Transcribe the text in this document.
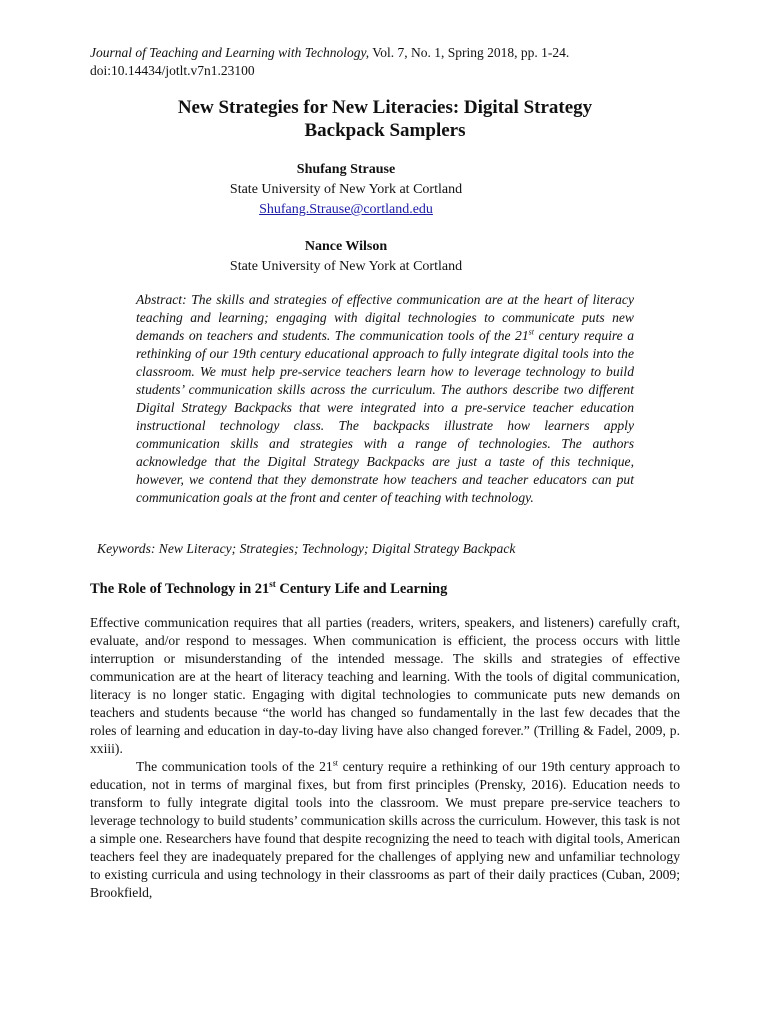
Journal of Teaching and Learning with Technology, Vol. 7, No. 1, Spring 2018, pp. 1-24.
doi:10.14434/jotlt.v7n1.23100
New Strategies for New Literacies: Digital Strategy
Backpack Samplers
Shufang Strause
State University of New York at Cortland
Shufang.Strause@cortland.edu
Nance Wilson
State University of New York at Cortland
Abstract: The skills and strategies of effective communication are at the heart of literacy teaching and learning; engaging with digital technologies to communicate puts new demands on teachers and students. The communication tools of the 21st century require a rethinking of our 19th century educational approach to fully integrate digital tools into the classroom. We must help pre-service teachers learn how to leverage technology to build students’ communication skills across the curriculum. The authors describe two different Digital Strategy Backpacks that were integrated into a pre-service teacher education instructional technology class. The backpacks illustrate how learners apply communication skills and strategies with a range of technologies. The authors acknowledge that the Digital Strategy Backpacks are just a taste of this technique, however, we contend that they demonstrate how teachers and teacher educators can put communication goals at the front and center of teaching with technology.
Keywords: New Literacy; Strategies; Technology; Digital Strategy Backpack
The Role of Technology in 21st Century Life and Learning

Effective communication requires that all parties (readers, writers, speakers, and listeners) carefully craft, evaluate, and/or respond to messages. When communication is efficient, the process occurs with little interruption or misunderstanding of the intended message. The skills and strategies of effective communication are at the heart of literacy teaching and learning. With the tools of digital communication, literacy is no longer static. Engaging with digital technologies to communicate puts new demands on teachers and students because “the world has changed so fundamentally in the last few decades that the roles of learning and education in day-to-day living have also changed forever.” (Trilling & Fadel, 2009, p. xxiii).

The communication tools of the 21st century require a rethinking of our 19th century approach to education, not in terms of marginal fixes, but from first principles (Prensky, 2016). Education needs to transform to fully integrate digital tools into the classroom. We must prepare pre-service teachers to leverage technology to build students’ communication skills across the curriculum. However, this task is not a simple one. Researchers have found that despite recognizing the need to teach with digital tools, American teachers feel they are inadequately prepared for the challenges of applying new and unfamiliar technology to existing curricula and using technology in their classrooms as part of their daily practices (Cuban, 2009; Brookfield,
